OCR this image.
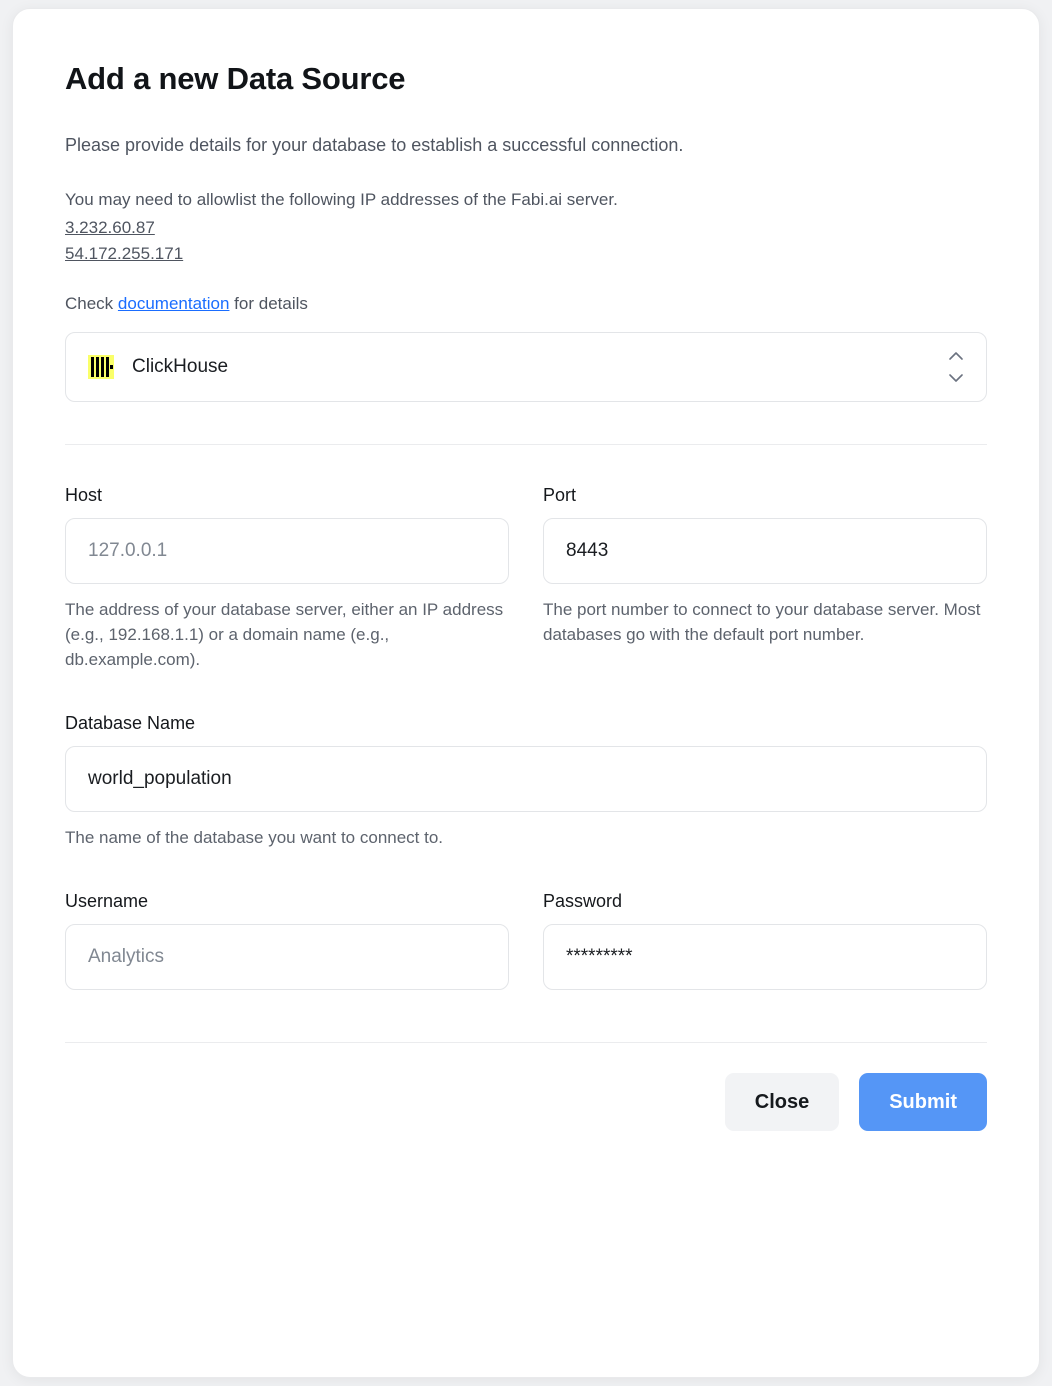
Add a new Data Source

Please provide details for your database to establish a successful connection.

You may need to allowlist the following IP addresses of the Fabi.ai server.

3.232.60.87
54.172.255.171

Check documentation for details

ClickHouse
Host
127.0.0.1

The address of your database server, either an IP address (e.g., 192.168.1.1) or a domain name (e.g., db.example.com).

Port
8443

The port number to connect to your database server. Most databases go with the default port number.

Database Name
world_population

The name of the database you want to connect to.

Username
Analytics	Password
*********
Close	Submit
